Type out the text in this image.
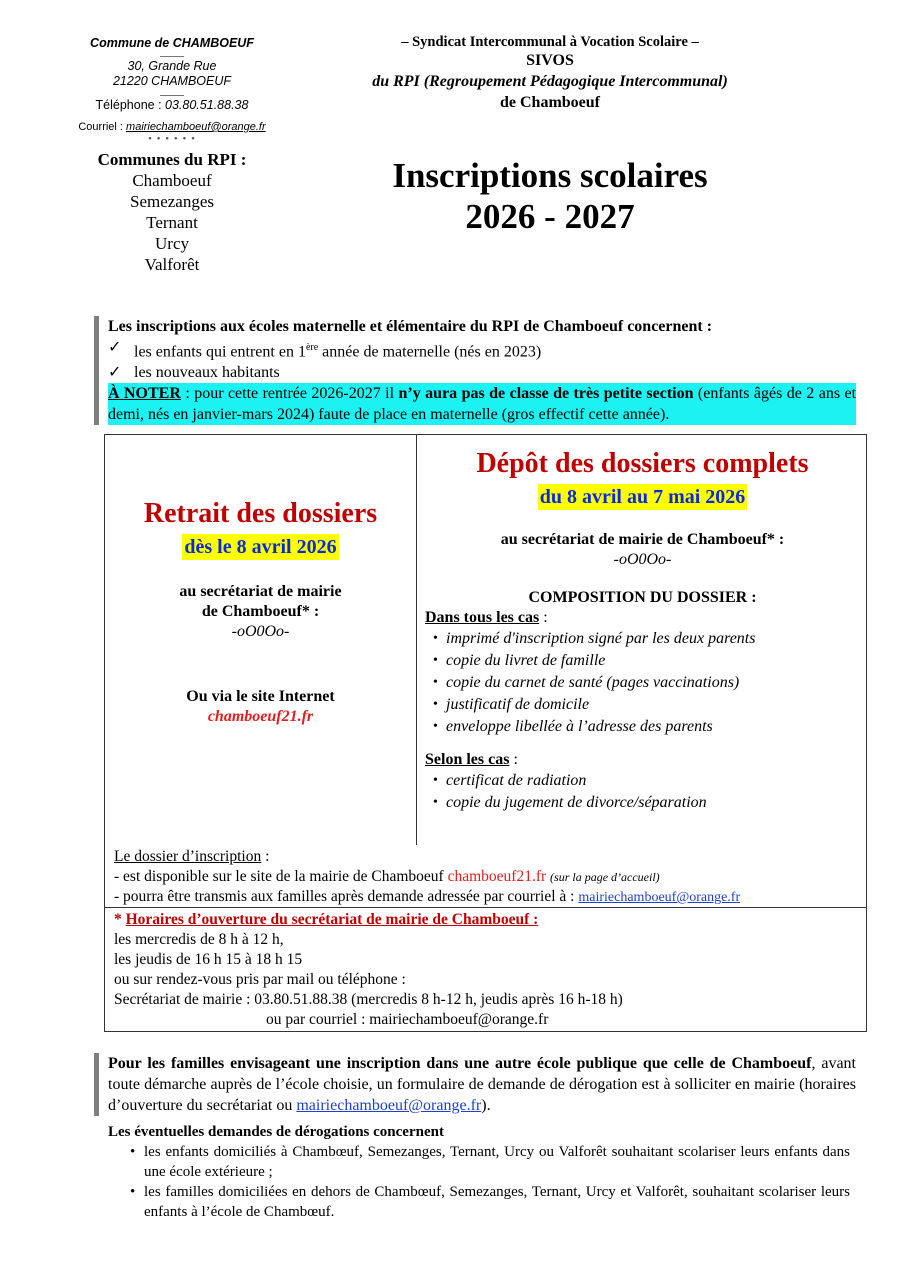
Commune de CHAMBOEUF
30, Grande Rue
21220 CHAMBOEUF
Téléphone : 03.80.51.88.38
Courriel : mairiechamboeuf@orange.fr
• • • • • •
Communes du RPI :
Chamboeuf
Semezanges
Ternant
Urcy
Valforêt
– Syndicat Intercommunal à Vocation Scolaire –
SIVOS
du RPI (Regroupement Pédagogique Intercommunal)
de Chamboeuf
Inscriptions scolaires
2026 - 2027
Les inscriptions aux écoles maternelle et élémentaire du RPI de Chamboeuf concernent :
✓ les enfants qui entrent en 1ère année de maternelle (nés en 2023)
✓ les nouveaux habitants
À NOTER : pour cette rentrée 2026-2027 il n’y aura pas de classe de très petite section (enfants âgés de 2 ans et demi, nés en janvier-mars 2024) faute de place en maternelle (gros effectif cette année).
Retrait des dossiers
dès le 8 avril 2026
au secrétariat de mairie de Chamboeuf* :
-oO0Oo-
Ou via le site Internet
chamboeuf21.fr
Dépôt des dossiers complets
du 8 avril au 7 mai 2026
au secrétariat de mairie de Chamboeuf* :
-oO0Oo-
COMPOSITION DU DOSSIER :
Dans tous les cas :
• imprimé d'inscription signé par les deux parents
• copie du livret de famille
• copie du carnet de santé (pages vaccinations)
• justificatif de domicile
• enveloppe libellée à l’adresse des parents
Selon les cas :
• certificat de radiation
• copie du jugement de divorce/séparation
Le dossier d’inscription :
- est disponible sur le site de la mairie de Chamboeuf chamboeuf21.fr (sur la page d’accueil)
- pourra être transmis aux familles après demande adressée par courriel à : mairiechamboeuf@orange.fr
* Horaires d’ouverture du secrétariat de mairie de Chamboeuf :
les mercredis de 8 h à 12 h,
les jeudis de 16 h 15 à 18 h 15
ou sur rendez-vous pris par mail ou téléphone :
Secrétariat de mairie : 03.80.51.88.38 (mercredis 8 h-12 h, jeudis après 16 h-18 h)
ou par courriel : mairiechamboeuf@orange.fr
Pour les familles envisageant une inscription dans une autre école publique que celle de Chamboeuf, avant toute démarche auprès de l’école choisie, un formulaire de demande de dérogation est à solliciter en mairie (horaires d’ouverture du secrétariat ou mairiechamboeuf@orange.fr).
Les éventuelles demandes de dérogations concernent
• les enfants domiciliés à Chambœuf, Semezanges, Ternant, Urcy ou Valforêt souhaitant scolariser leurs enfants dans une école extérieure ;
• les familles domiciliées en dehors de Chambœuf, Semezanges, Ternant, Urcy et Valforêt, souhaitant scolariser leurs enfants à l’école de Chambœuf.
